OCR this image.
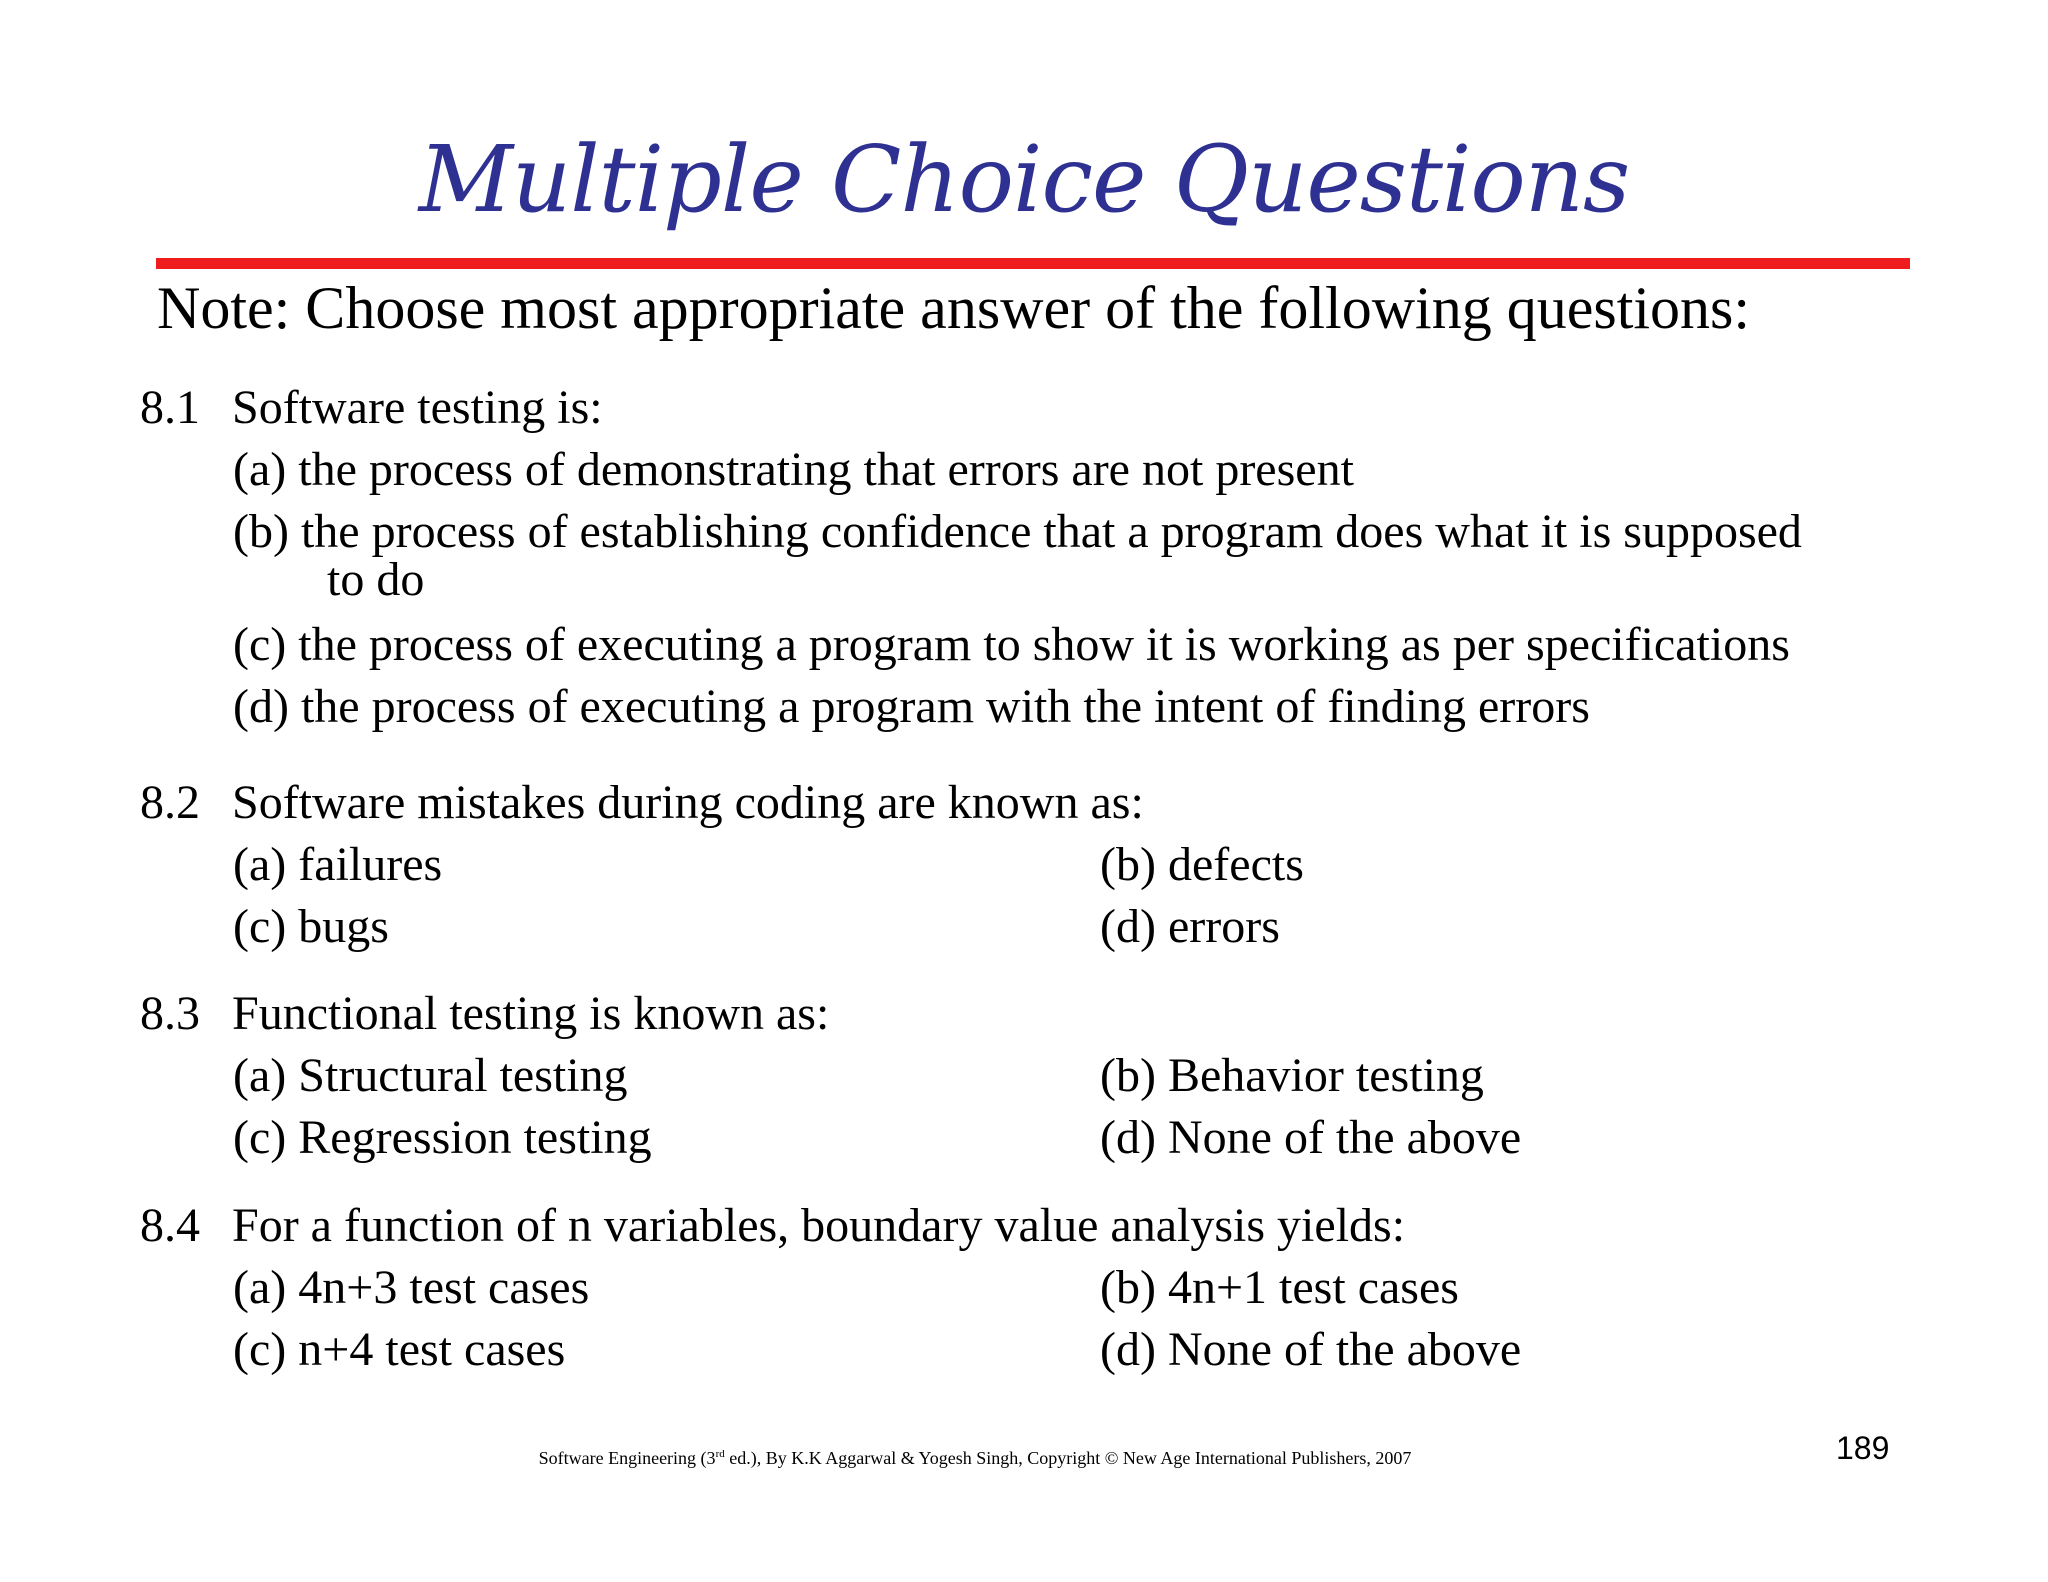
Multiple Choice Questions
Note: Choose most appropriate answer of the following questions:
8.1 Software testing is:
(a) the process of demonstrating that errors are not present
(b) the process of establishing confidence that a program does what it is supposed
to do
(c) the process of executing a program to show it is working as per specifications
(d) the process of executing a program with the intent of finding errors
8.2 Software mistakes during coding are known as:
(a) failures	(b) defects
(c) bugs	(d) errors
8.3 Functional testing is known as:
(a) Structural testing	(b) Behavior testing
(c) Regression testing	(d) None of the above
8.4 For a function of n variables, boundary value analysis yields:
(a) 4n+3 test cases	(b) 4n+1 test cases
(c) n+4 test cases	(d) None of the above
Software Engineering (3rd ed.), By K.K Aggarwal & Yogesh Singh, Copyright © New Age International Publishers, 2007	189
